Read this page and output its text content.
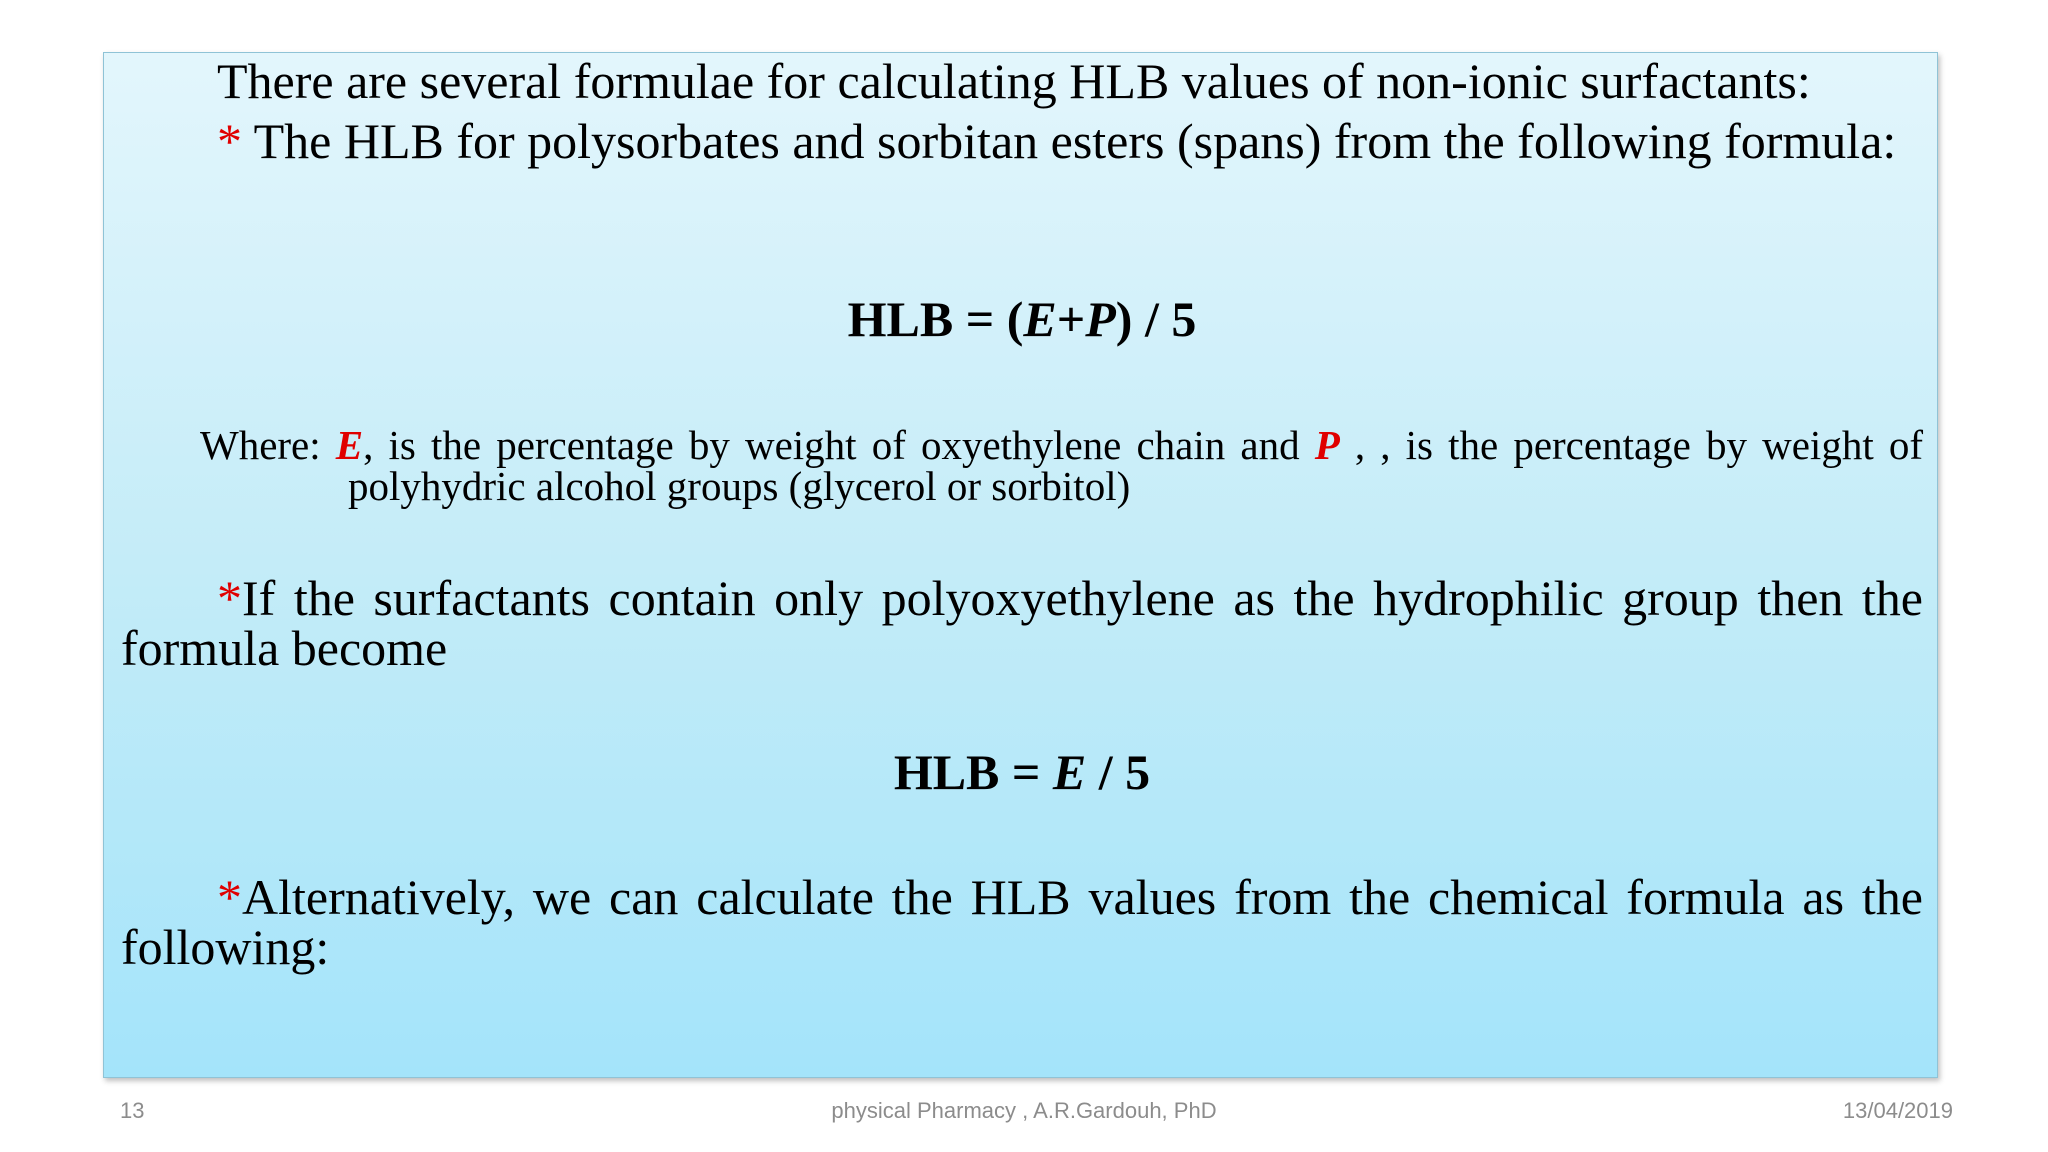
There are several formulae for calculating HLB values of non-ionic surfactants:

* The HLB for polysorbates and sorbitan esters (spans) from the following formula:

HLB = (E+P) / 5

Where: E, is the percentage by weight of oxyethylene chain and P , , is the percentage by weight of polyhydric alcohol groups (glycerol or sorbitol)

*If the surfactants contain only polyoxyethylene as the hydrophilic group then the formula become

HLB = E / 5

*Alternatively, we can calculate the HLB values from the chemical formula as the following:

13	physical Pharmacy , A.R.Gardouh, PhD	13/04/2019
